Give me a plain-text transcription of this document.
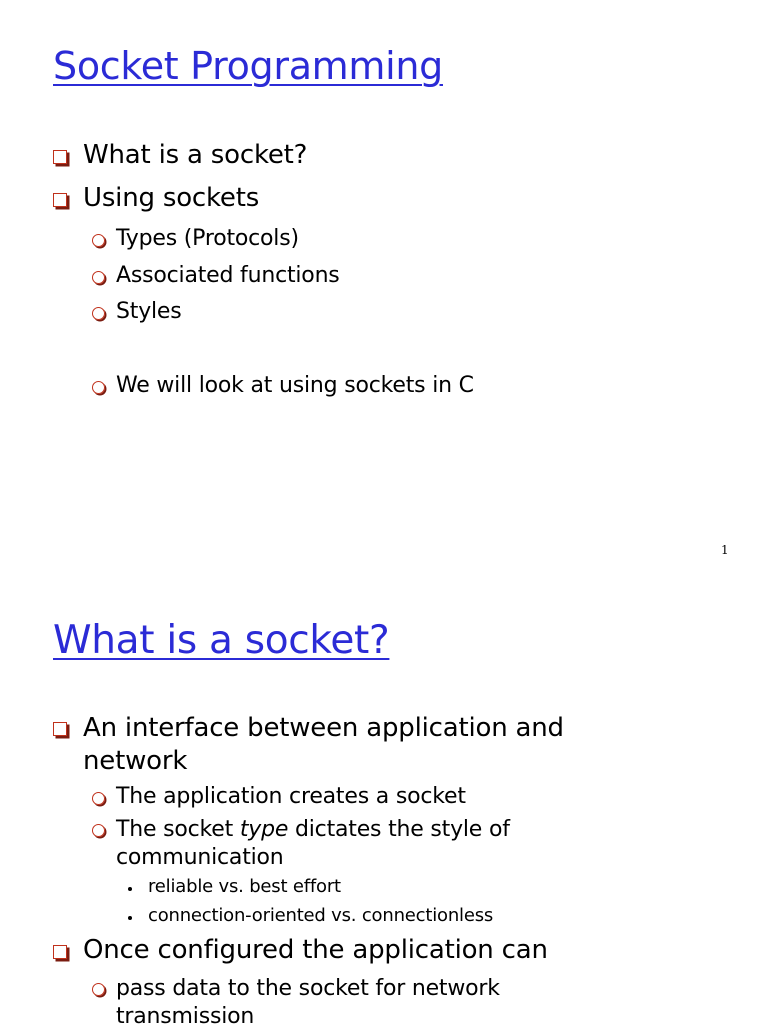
Socket Programming
What is a socket?
Using sockets
Types (Protocols)
Associated functions
Styles
We will look at using sockets in C
1
What is a socket?
An interface between application and
network
The application creates a socket
The socket type dictates the style of
communication
reliable vs. best effort
connection-oriented vs. connectionless
Once configured the application can
pass data to the socket for network
transmission
